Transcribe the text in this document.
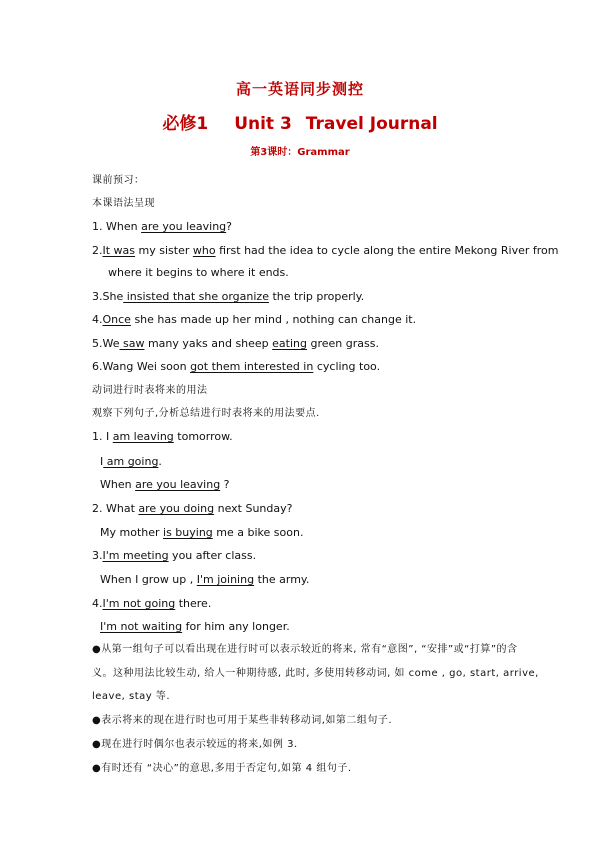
高一英语同步测控
必修1 Unit 3 Travel Journal
第3课时：Grammar
课前预习：
本课语法呈现
1. When are you leaving?
2.It was my sister who first had the idea to cycle along the entire Mekong River from
where it begins to where it ends.
3.She insisted that she organize the trip properly.
4.Once she has made up her mind , nothing can change it.
5.We saw many yaks and sheep eating green grass.
6.Wang Wei soon got them interested in cycling too.
动词进行时表将来的用法
观察下列句子,分析总结进行时表将来的用法要点.
1. I am leaving tomorrow.
I am going.
When are you leaving ?
2. What are you doing next Sunday?
My mother is buying me a bike soon.
3.I'm meeting you after class.
When I grow up , I'm joining the army.
4.I'm not going there.
I'm not waiting for him any longer.
●从第一组句子可以看出现在进行时可以表示较近的将来, 常有“意图”, “安排”或“打算”的含
义。这种用法比较生动, 给人一种期待感, 此时, 多使用转移动词, 如 come , go, start, arrive,
leave, stay 等.
●表示将来的现在进行时也可用于某些非转移动词,如第二组句子.
●现在进行时偶尔也表示较远的将来,如例 3.
●有时还有 “决心”的意思,多用于否定句,如第 4 组句子.
